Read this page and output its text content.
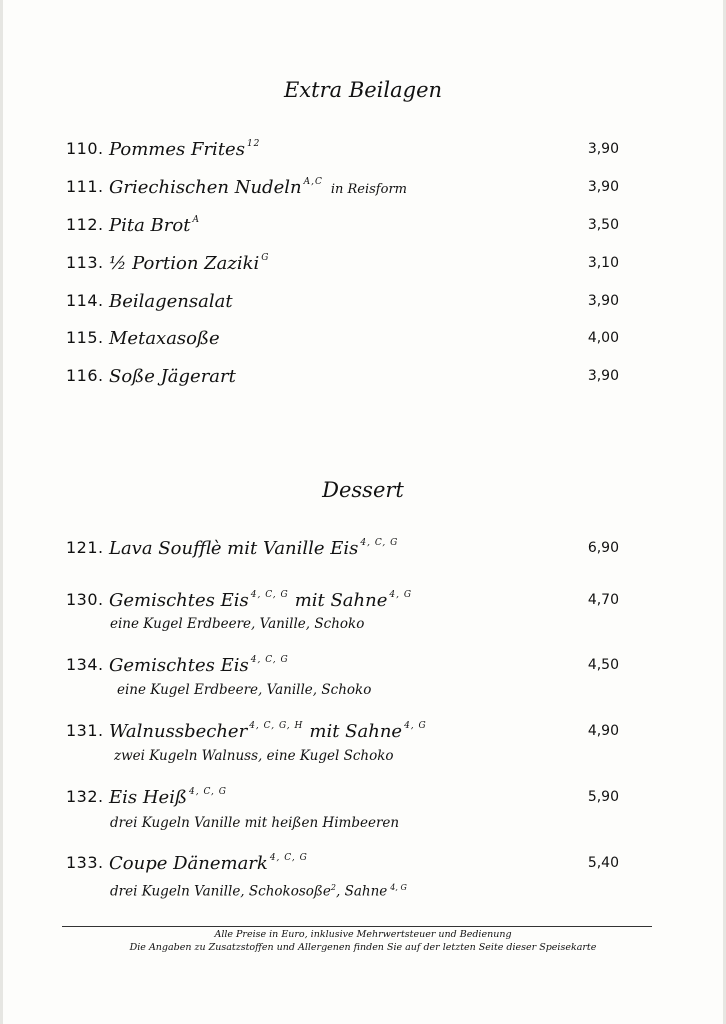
Extra Beilagen
110. Pommes Frites $^{12}$	3,90
111. Griechischen Nudeln $^{A,C}$ in Reisform	3,90
112. Pita Brot $^A$	3,50
113. ½ Portion Zaziki $^G$	3,10
114. Beilagensalat	3,90
115. Metaxasoße	4,00
116. Soße Jägerart	3,90
Dessert
121. Lava Soufflè mit Vanille Eis $^{4, C, G}$	6,90
130. Gemischtes Eis $^{4, C, G}$ mit Sahne $^{4, G}$	4,70
eine Kugel Erdbeere, Vanille, Schoko
134. Gemischtes Eis $^{4, C, G}$	4,50
eine Kugel Erdbeere, Vanille, Schoko
131. Walnussbecher $^{4, C, G, H}$ mit Sahne $^{4, G}$	4,90
zwei Kugeln Walnuss, eine Kugel Schoko
132. Eis Heiß $^{4, C, G}$	5,90
drei Kugeln Vanille mit heißen Himbeeren
133. Coupe Dänemark $^{4, C, G}$	5,40
drei Kugeln Vanille, Schokosoße$^2$, Sahne $^{4, G}$
Alle Preise in Euro, inklusive Mehrwertsteuer und Bedienung
Die Angaben zu Zusatzstoffen und Allergenen finden Sie auf der letzten Seite dieser Speisekarte
